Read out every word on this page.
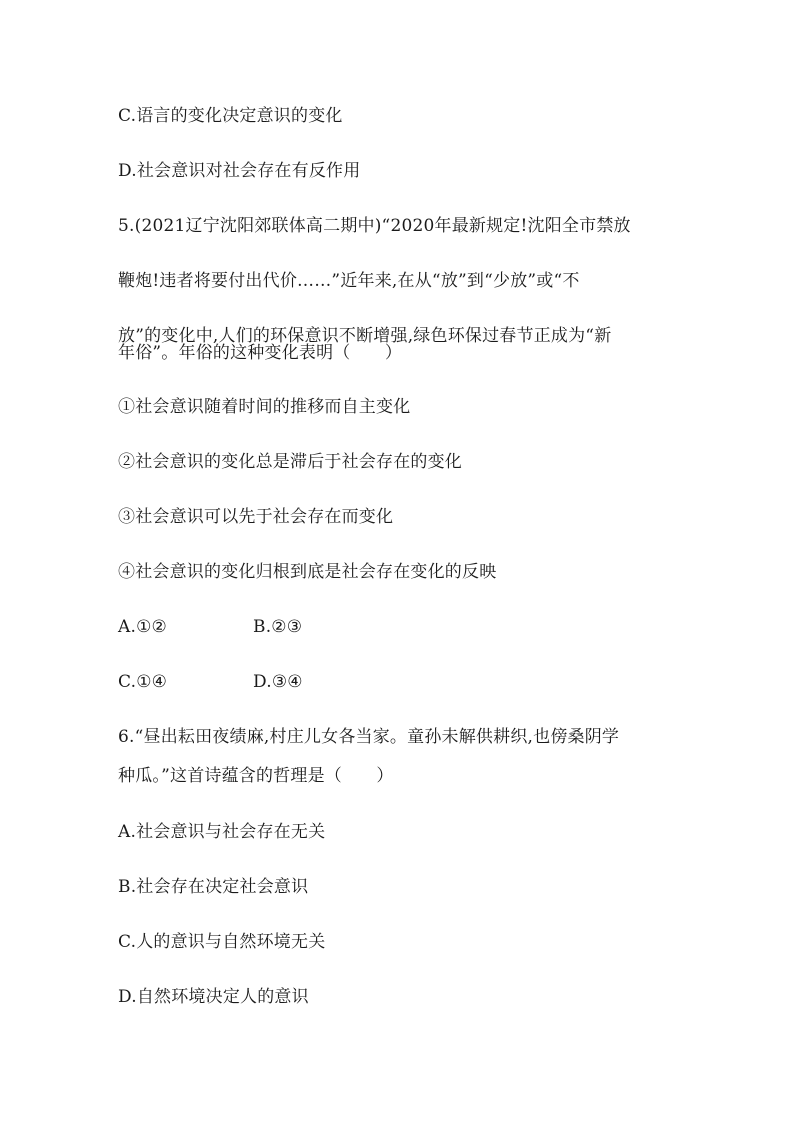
C.语言的变化决定意识的变化
D.社会意识对社会存在有反作用
5.(2021辽宁沈阳郊联体高二期中)“2020年最新规定!沈阳全市禁放
鞭炮!违者将要付出代价……”近年来,在从“放”到“少放”或“不
放”的变化中,人们的环保意识不断增强,绿色环保过春节正成为“新
年俗”。年俗的这种变化表明（　　）
①社会意识随着时间的推移而自主变化
②社会意识的变化总是滞后于社会存在的变化
③社会意识可以先于社会存在而变化
④社会意识的变化归根到底是社会存在变化的反映
A.①②	B.②③
C.①④	D.③④
6.“昼出耘田夜绩麻,村庄儿女各当家。童孙未解供耕织,也傍桑阴学
种瓜。”这首诗蕴含的哲理是（　　）
A.社会意识与社会存在无关
B.社会存在决定社会意识
C.人的意识与自然环境无关
D.自然环境决定人的意识
